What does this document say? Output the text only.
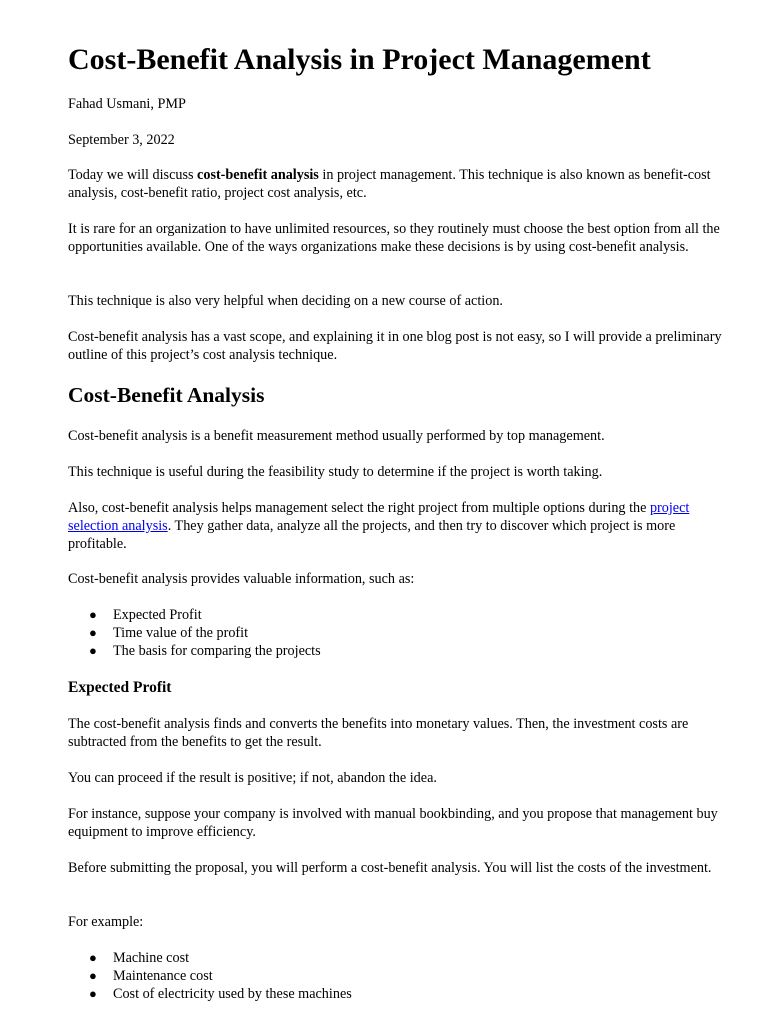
Cost-Benefit Analysis in Project Management

Fahad Usmani, PMP

September 3, 2022

Today we will discuss cost-benefit analysis in project management. This technique is also known as benefit-cost analysis, cost-benefit ratio, project cost analysis, etc.

It is rare for an organization to have unlimited resources, so they routinely must choose the best option from all the opportunities available. One of the ways organizations make these decisions is by using cost-benefit analysis.

This technique is also very helpful when deciding on a new course of action.

Cost-benefit analysis has a vast scope, and explaining it in one blog post is not easy, so I will provide a preliminary outline of this project’s cost analysis technique.

Cost-Benefit Analysis

Cost-benefit analysis is a benefit measurement method usually performed by top management.

This technique is useful during the feasibility study to determine if the project is worth taking.

Also, cost-benefit analysis helps management select the right project from multiple options during the project selection analysis. They gather data, analyze all the projects, and then try to discover which project is more profitable.

Cost-benefit analysis provides valuable information, such as:

● Expected Profit
● Time value of the profit
● The basis for comparing the projects
Expected Profit

The cost-benefit analysis finds and converts the benefits into monetary values. Then, the investment costs are subtracted from the benefits to get the result.

You can proceed if the result is positive; if not, abandon the idea.

For instance, suppose your company is involved with manual bookbinding, and you propose that management buy equipment to improve efficiency.

Before submitting the proposal, you will perform a cost-benefit analysis. You will list the costs of the investment.

For example:

● Machine cost
● Maintenance cost
● Cost of electricity used by these machines
